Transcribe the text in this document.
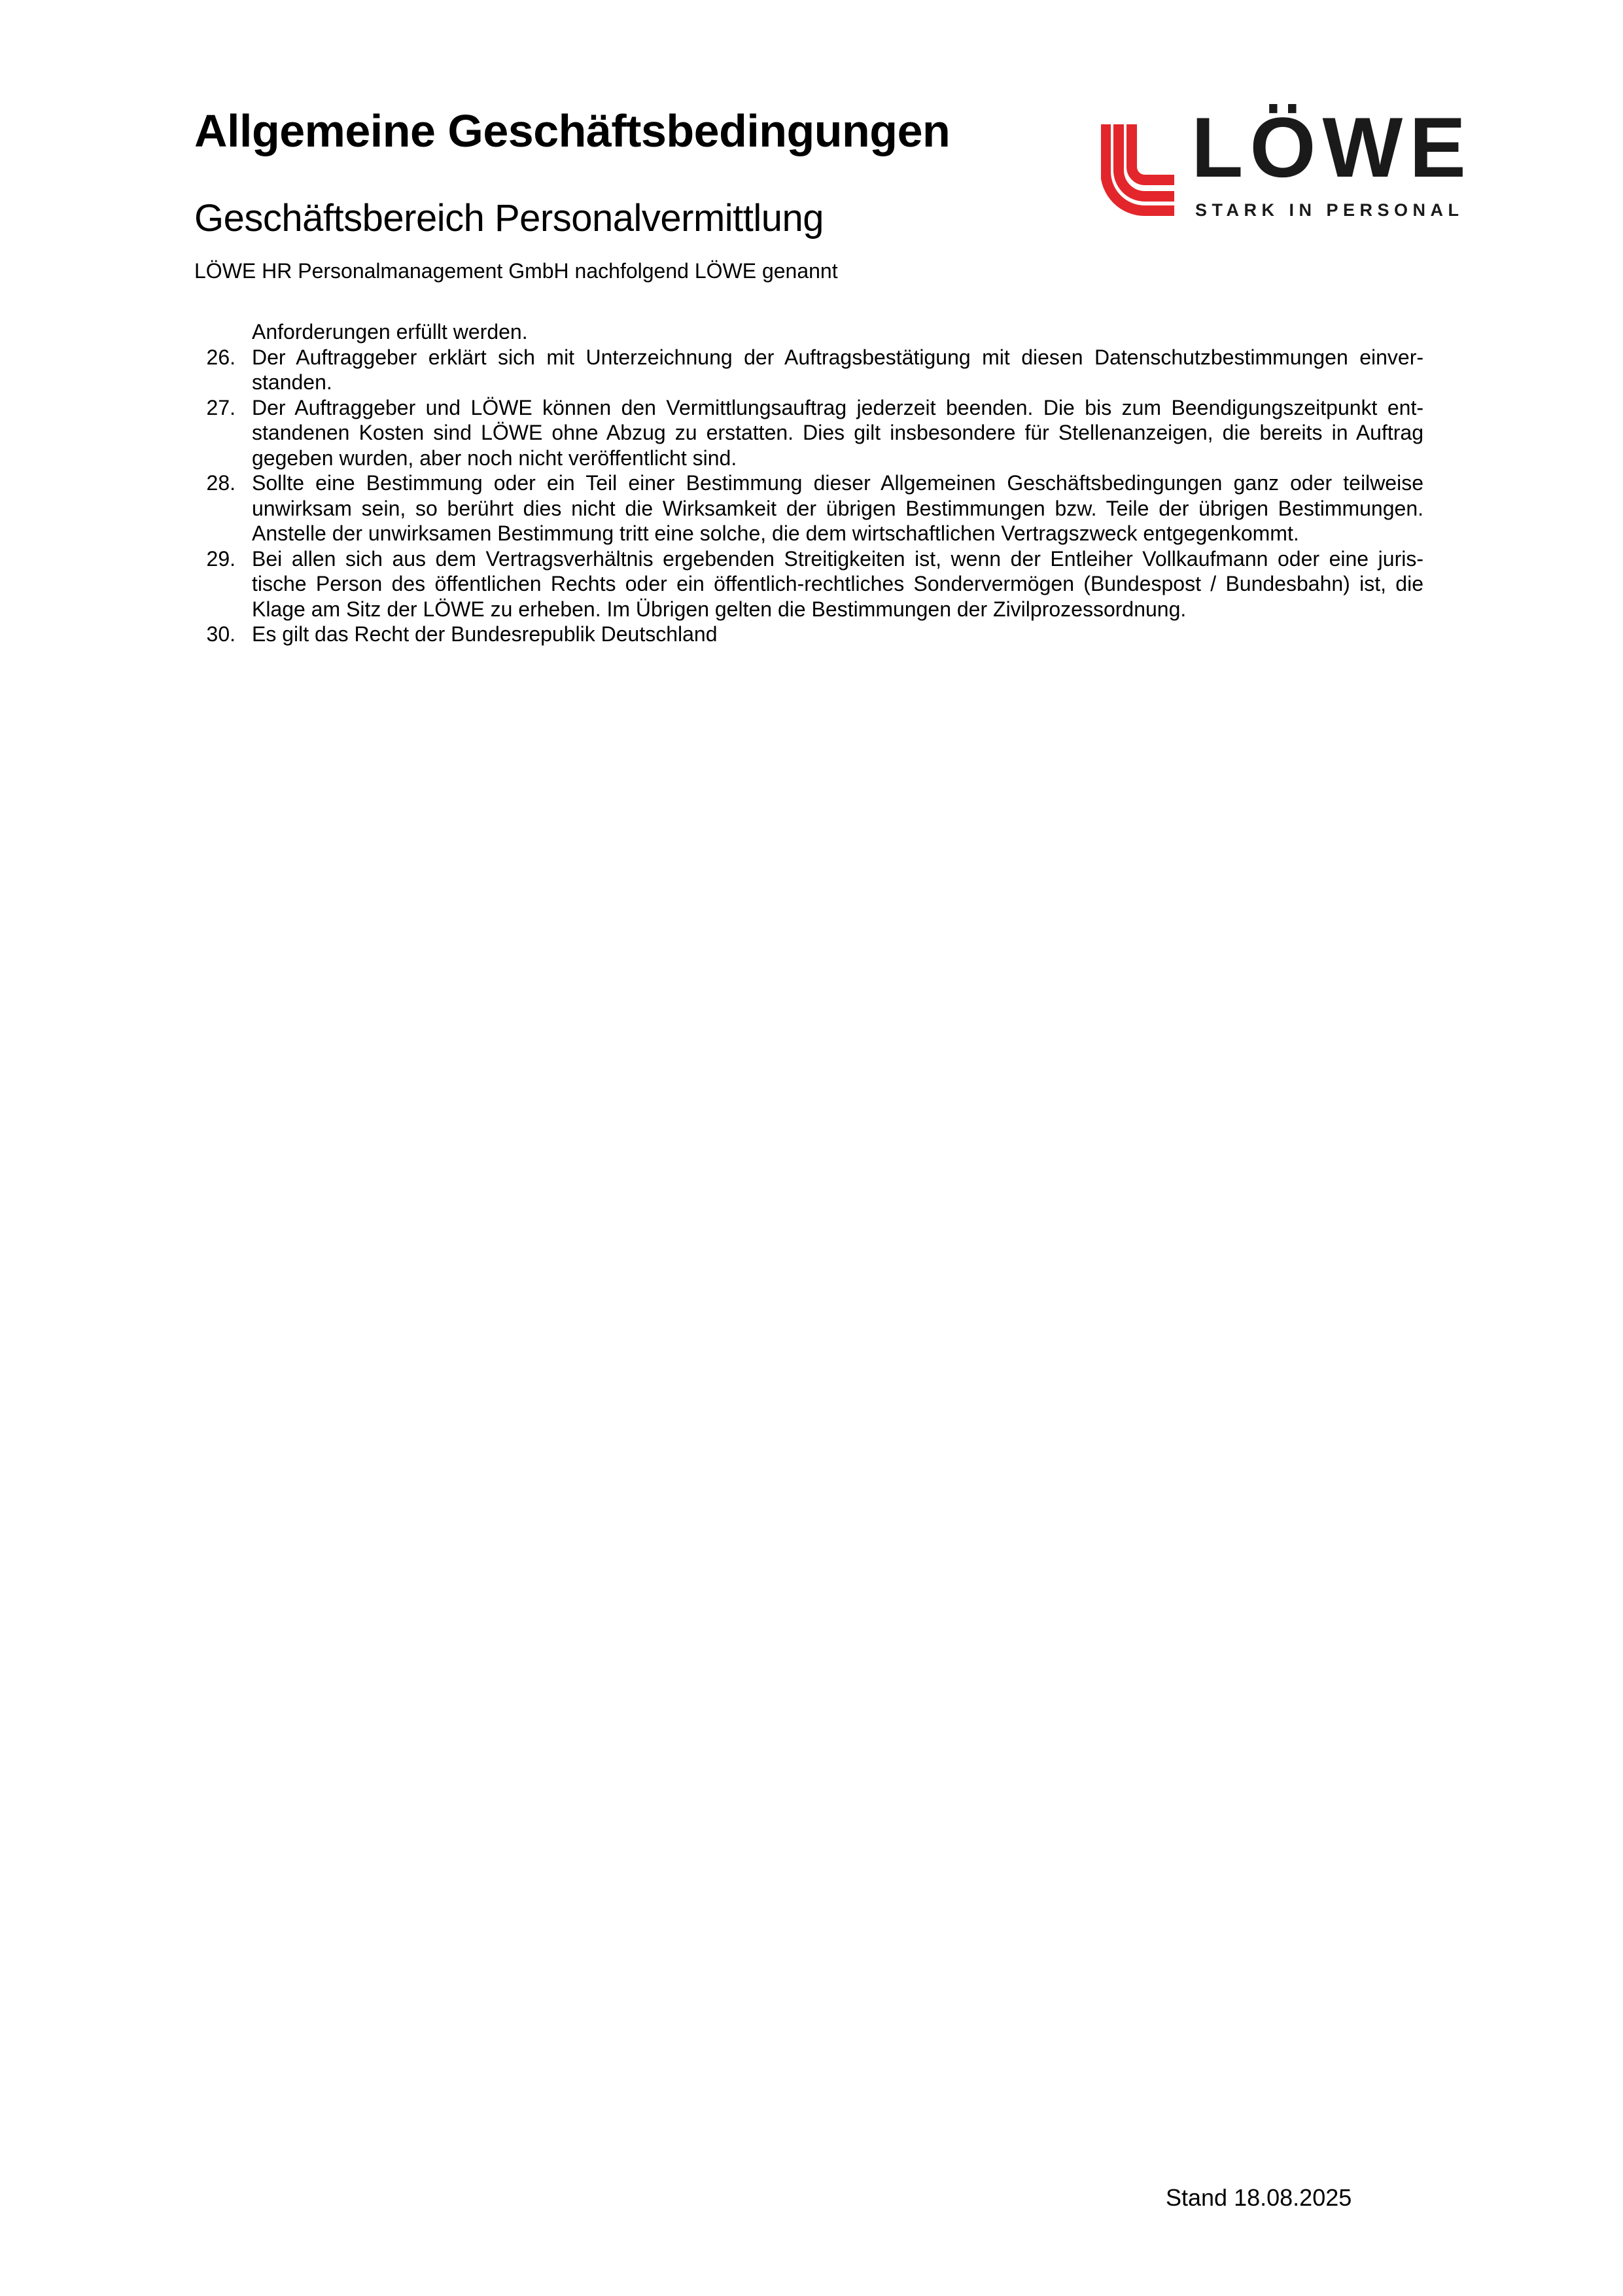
Allgemeine Geschäftsbedingungen
Geschäftsbereich Personalvermittlung
LÖWE HR Personalmanagement GmbH nachfolgend LÖWE genannt
LÖWE
STARK IN PERSONAL
Anforderungen erfüllt werden.
26. Der Auftraggeber erklärt sich mit Unterzeichnung der Auftragsbestätigung mit diesen Datenschutzbestimmungen einver-
standen.
27. Der Auftraggeber und LÖWE können den Vermittlungsauftrag jederzeit beenden. Die bis zum Beendigungszeitpunkt ent-
standenen Kosten sind LÖWE ohne Abzug zu erstatten. Dies gilt insbesondere für Stellenanzeigen, die bereits in Auftrag
gegeben wurden, aber noch nicht veröffentlicht sind.
28. Sollte eine Bestimmung oder ein Teil einer Bestimmung dieser Allgemeinen Geschäftsbedingungen ganz oder teilweise
unwirksam sein, so berührt dies nicht die Wirksamkeit der übrigen Bestimmungen bzw. Teile der übrigen Bestimmungen.
Anstelle der unwirksamen Bestimmung tritt eine solche, die dem wirtschaftlichen Vertragszweck entgegenkommt.
29. Bei allen sich aus dem Vertragsverhältnis ergebenden Streitigkeiten ist, wenn der Entleiher Vollkaufmann oder eine juris-
tische Person des öffentlichen Rechts oder ein öffentlich-rechtliches Sondervermögen (Bundespost / Bundesbahn) ist, die
Klage am Sitz der LÖWE zu erheben. Im Übrigen gelten die Bestimmungen der Zivilprozessordnung.
30. Es gilt das Recht der Bundesrepublik Deutschland
Stand 18.08.2025
